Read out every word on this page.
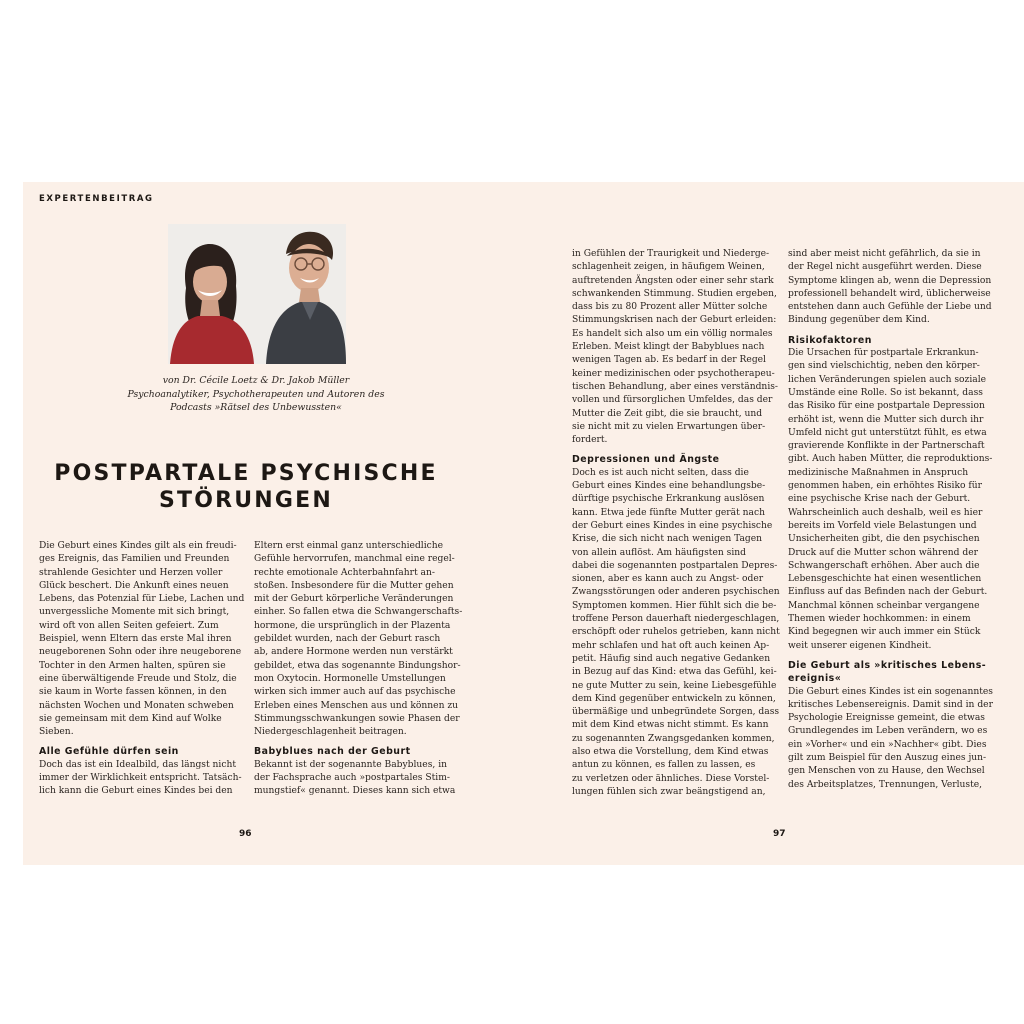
EXPERTENBEITRAG
von Dr. Cécile Loetz & Dr. Jakob Müller
Psychoanalytiker, Psychotherapeuten und Autoren des
Podcasts »Rätsel des Unbewussten«
POSTPARTALE PSYCHISCHE
STÖRUNGEN
Die Geburt eines Kindes gilt als ein freudi-
ges Ereignis, das Familien und Freunden
strahlende Gesichter und Herzen voller
Glück beschert. Die Ankunft eines neuen
Lebens, das Potenzial für Liebe, Lachen und
unvergessliche Momente mit sich bringt,
wird oft von allen Seiten gefeiert. Zum
Beispiel, wenn Eltern das erste Mal ihren
neugeborenen Sohn oder ihre neugeborene
Tochter in den Armen halten, spüren sie
eine überwältigende Freude und Stolz, die
sie kaum in Worte fassen können, in den
nächsten Wochen und Monaten schweben
sie gemeinsam mit dem Kind auf Wolke
Sieben.
Alle Gefühle dürfen sein
Doch das ist ein Idealbild, das längst nicht
immer der Wirklichkeit entspricht. Tatsäch-
lich kann die Geburt eines Kindes bei den
Eltern erst einmal ganz unterschiedliche
Gefühle hervorrufen, manchmal eine regel-
rechte emotionale Achterbahnfahrt an-
stoßen. Insbesondere für die Mutter gehen
mit der Geburt körperliche Veränderungen
einher. So fallen etwa die Schwangerschafts-
hormone, die ursprünglich in der Plazenta
gebildet wurden, nach der Geburt rasch
ab, andere Hormone werden nun verstärkt
gebildet, etwa das sogenannte Bindungshor-
mon Oxytocin. Hormonelle Umstellungen
wirken sich immer auch auf das psychische
Erleben eines Menschen aus und können zu
Stimmungsschwankungen sowie Phasen der
Niedergeschlagenheit beitragen.
Babyblues nach der Geburt
Bekannt ist der sogenannte Babyblues, in
der Fachsprache auch »postpartales Stim-
mungstief« genannt. Dieses kann sich etwa
in Gefühlen der Traurigkeit und Niederge-
schlagenheit zeigen, in häufigem Weinen,
auftretenden Ängsten oder einer sehr stark
schwankenden Stimmung. Studien ergeben,
dass bis zu 80 Prozent aller Mütter solche
Stimmungskrisen nach der Geburt erleiden:
Es handelt sich also um ein völlig normales
Erleben. Meist klingt der Babyblues nach
wenigen Tagen ab. Es bedarf in der Regel
keiner medizinischen oder psychotherapeu-
tischen Behandlung, aber eines verständnis-
vollen und fürsorglichen Umfeldes, das der
Mutter die Zeit gibt, die sie braucht, und
sie nicht mit zu vielen Erwartungen über-
fordert.
Depressionen und Ängste
Doch es ist auch nicht selten, dass die
Geburt eines Kindes eine behandlungsbe-
dürftige psychische Erkrankung auslösen
kann. Etwa jede fünfte Mutter gerät nach
der Geburt eines Kindes in eine psychische
Krise, die sich nicht nach wenigen Tagen
von allein auflöst. Am häufigsten sind
dabei die sogenannten postpartalen Depres-
sionen, aber es kann auch zu Angst- oder
Zwangsstörungen oder anderen psychischen
Symptomen kommen. Hier fühlt sich die be-
troffene Person dauerhaft niedergeschlagen,
erschöpft oder ruhelos getrieben, kann nicht
mehr schlafen und hat oft auch keinen Ap-
petit. Häufig sind auch negative Gedanken
in Bezug auf das Kind: etwa das Gefühl, kei-
ne gute Mutter zu sein, keine Liebesgefühle
dem Kind gegenüber entwickeln zu können,
übermäßige und unbegründete Sorgen, dass
mit dem Kind etwas nicht stimmt. Es kann
zu sogenannten Zwangsgedanken kommen,
also etwa die Vorstellung, dem Kind etwas
antun zu können, es fallen zu lassen, es
zu verletzen oder ähnliches. Diese Vorstel-
lungen fühlen sich zwar beängstigend an,
sind aber meist nicht gefährlich, da sie in
der Regel nicht ausgeführt werden. Diese
Symptome klingen ab, wenn die Depression
professionell behandelt wird, üblicherweise
entstehen dann auch Gefühle der Liebe und
Bindung gegenüber dem Kind.
Risikofaktoren
Die Ursachen für postpartale Erkrankun-
gen sind vielschichtig, neben den körper-
lichen Veränderungen spielen auch soziale
Umstände eine Rolle. So ist bekannt, dass
das Risiko für eine postpartale Depression
erhöht ist, wenn die Mutter sich durch ihr
Umfeld nicht gut unterstützt fühlt, es etwa
gravierende Konflikte in der Partnerschaft
gibt. Auch haben Mütter, die reproduktions-
medizinische Maßnahmen in Anspruch
genommen haben, ein erhöhtes Risiko für
eine psychische Krise nach der Geburt.
Wahrscheinlich auch deshalb, weil es hier
bereits im Vorfeld viele Belastungen und
Unsicherheiten gibt, die den psychischen
Druck auf die Mutter schon während der
Schwangerschaft erhöhen. Aber auch die
Lebensgeschichte hat einen wesentlichen
Einfluss auf das Befinden nach der Geburt.
Manchmal können scheinbar vergangene
Themen wieder hochkommen: in einem
Kind begegnen wir auch immer ein Stück
weit unserer eigenen Kindheit.
Die Geburt als »kritisches Lebens-
ereignis«
Die Geburt eines Kindes ist ein sogenanntes
kritisches Lebensereignis. Damit sind in der
Psychologie Ereignisse gemeint, die etwas
Grundlegendes im Leben verändern, wo es
ein »Vorher« und ein »Nachher« gibt. Dies
gilt zum Beispiel für den Auszug eines jun-
gen Menschen von zu Hause, den Wechsel
des Arbeitsplatzes, Trennungen, Verluste,
96	97
